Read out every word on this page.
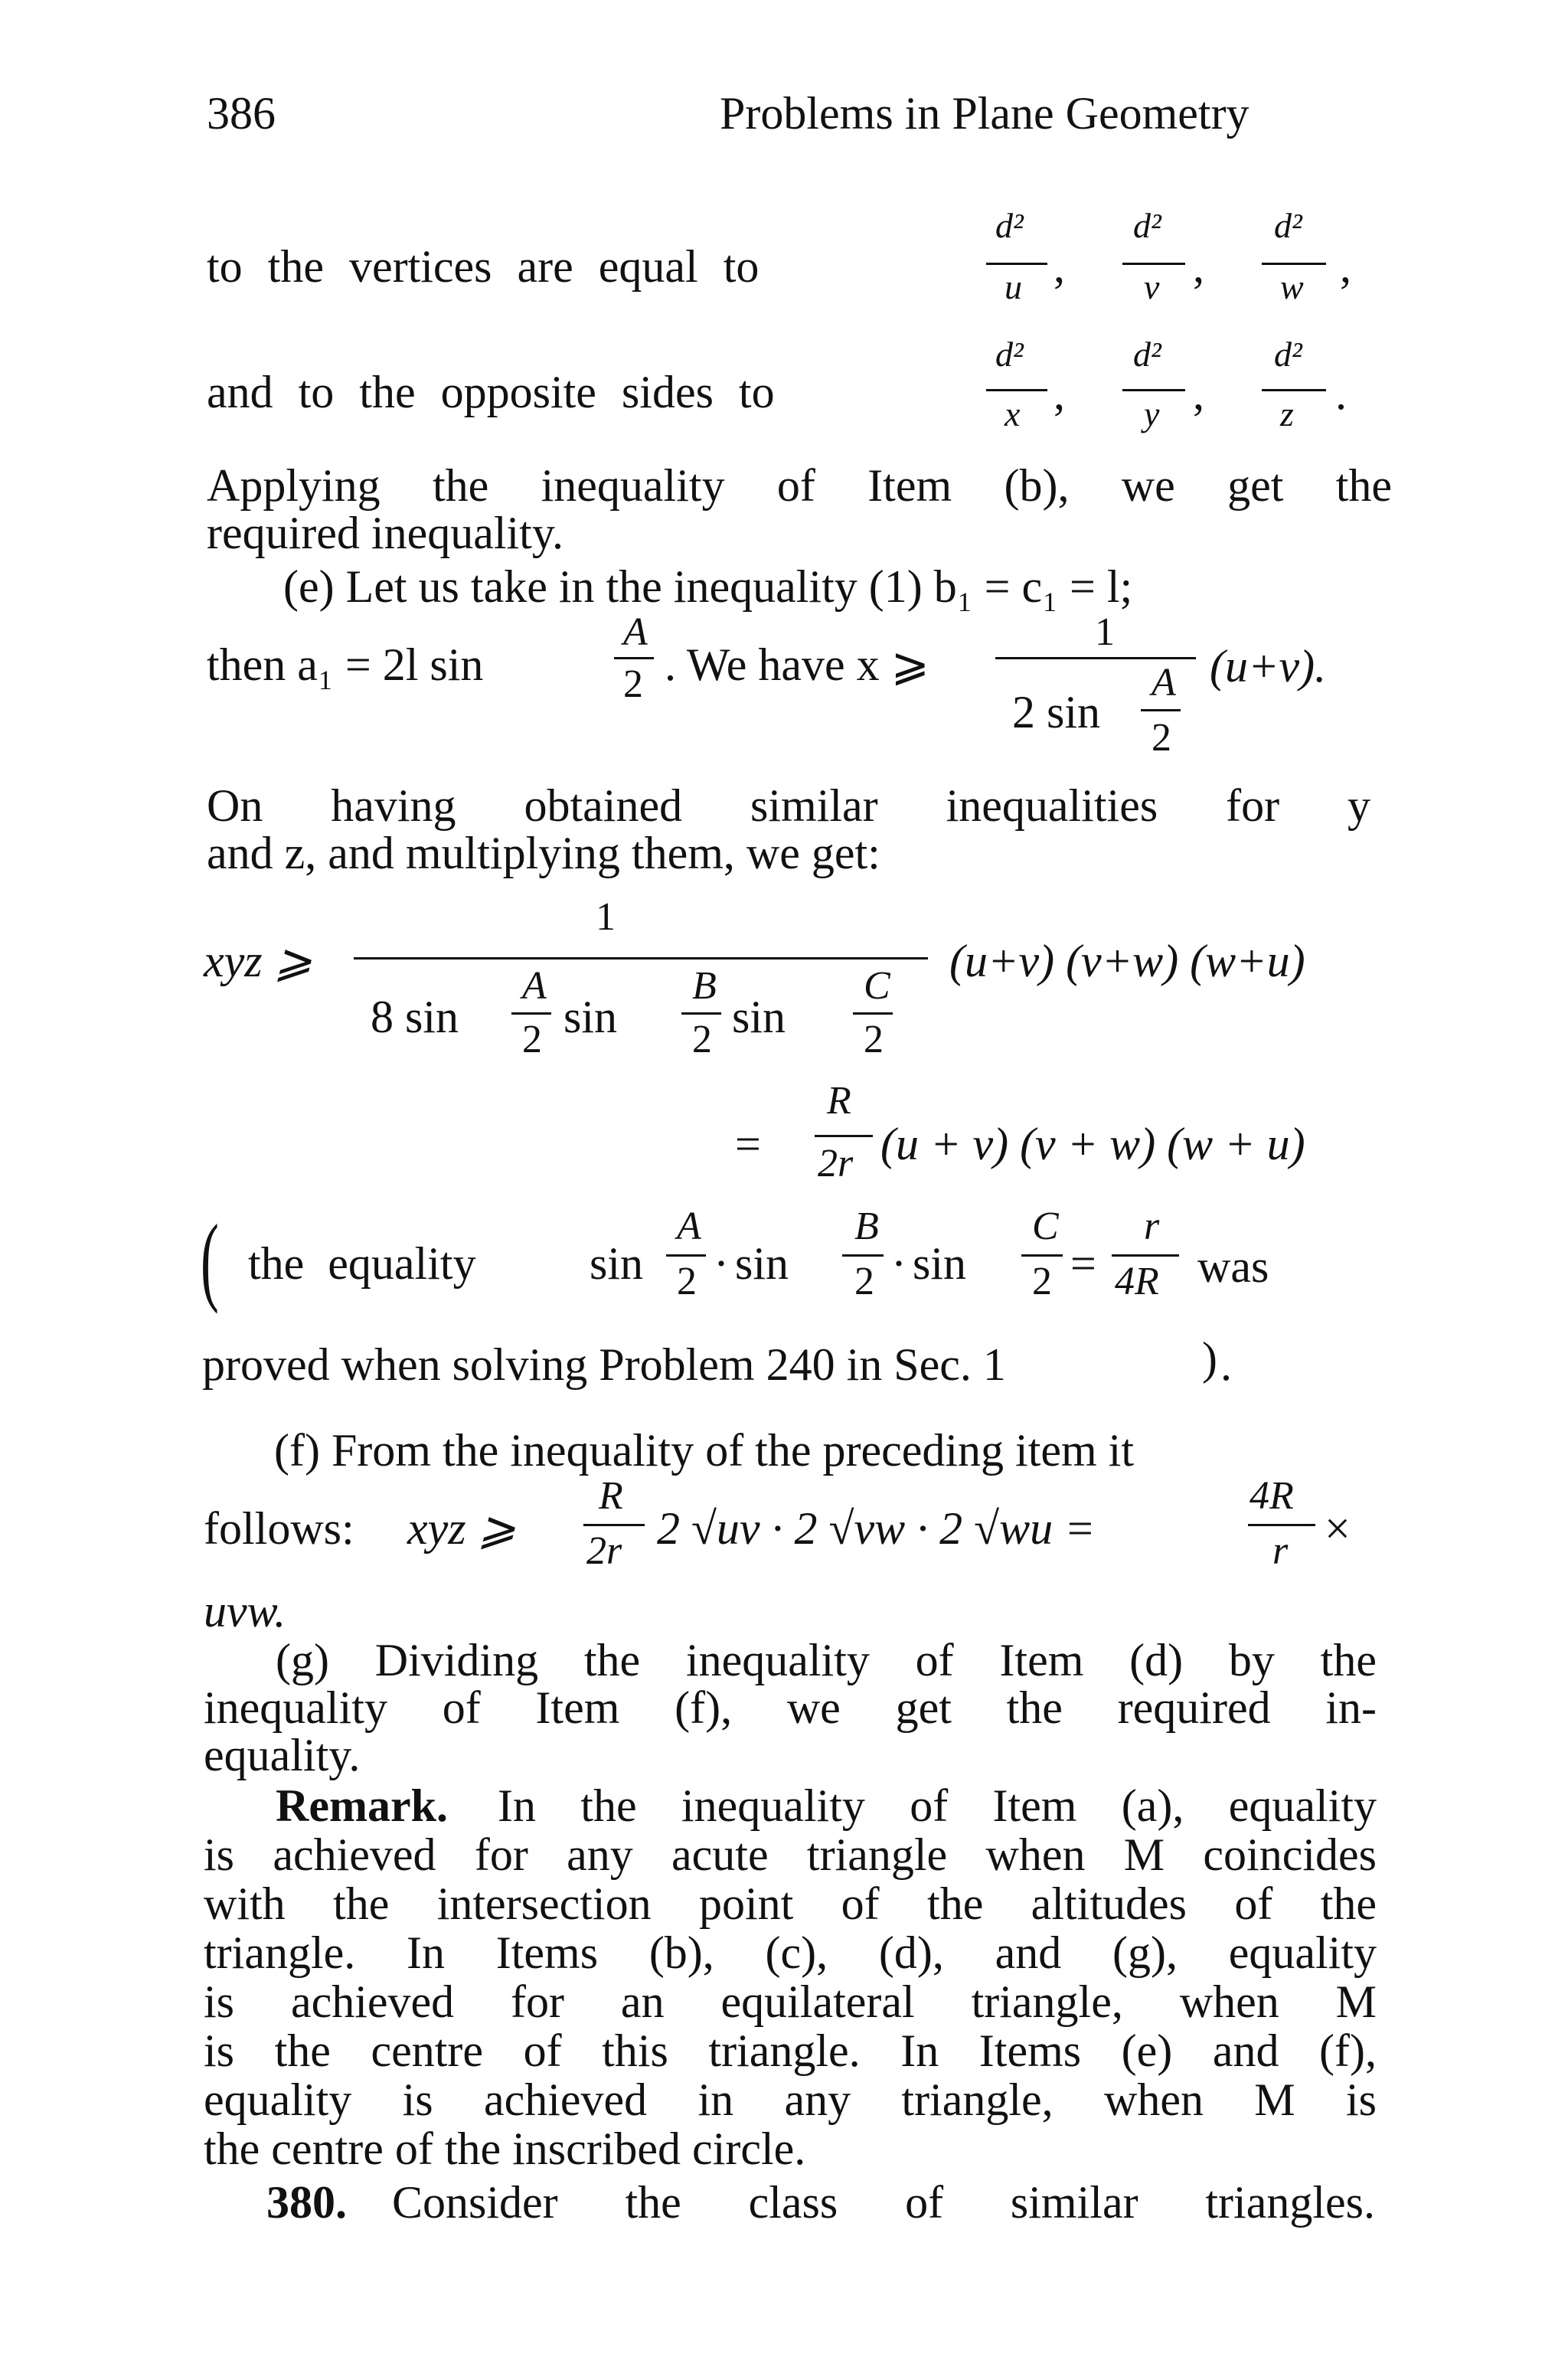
386	Problems in Plane Geometry
to the vertices are equal to
d²
u ,
d²
v ,
d²
w ,
and to the opposite sides to
d²
x ,
d²
y ,
d²
z .
Applying the inequality of Item (b), we get the
required inequality.
(e) Let us take in the inequality (1) b₁ = c₁ = l;
then a₁ = 2l sin
A
2 . We have x ⩾
1
2 sin
A
2
(u+v).
On having obtained similar inequalities for y
and z, and multiplying them, we get:
xyz ⩾
1
8 sin
A
2 sin
B
2 sin
C
2
(u+v) (v+w) (w+u)
=
R
2r (u + v) (v + w) (w + u)
( the equality sin
A
2 · sin
B
2 · sin
C
2 =
r
4R was
proved when solving Problem 240 in Sec. 1	) .
(f) From the inequality of the preceding item it
follows: xyz ⩾
R
2r 2 √uv · 2 √vw · 2 √wu =
4R
r ×
uvw.
(g) Dividing the inequality of Item (d) by the
inequality of Item (f), we get the required in-
equality.
Remark. In the inequality of Item (a), equality
is achieved for any acute triangle when M coincides
with the intersection point of the altitudes of the
triangle. In Items (b), (c), (d), and (g), equality
is achieved for an equilateral triangle, when M
is the centre of this triangle. In Items (e) and (f),
equality is achieved in any triangle, when M is
the centre of the inscribed circle.
380. Consider the class of similar triangles.
